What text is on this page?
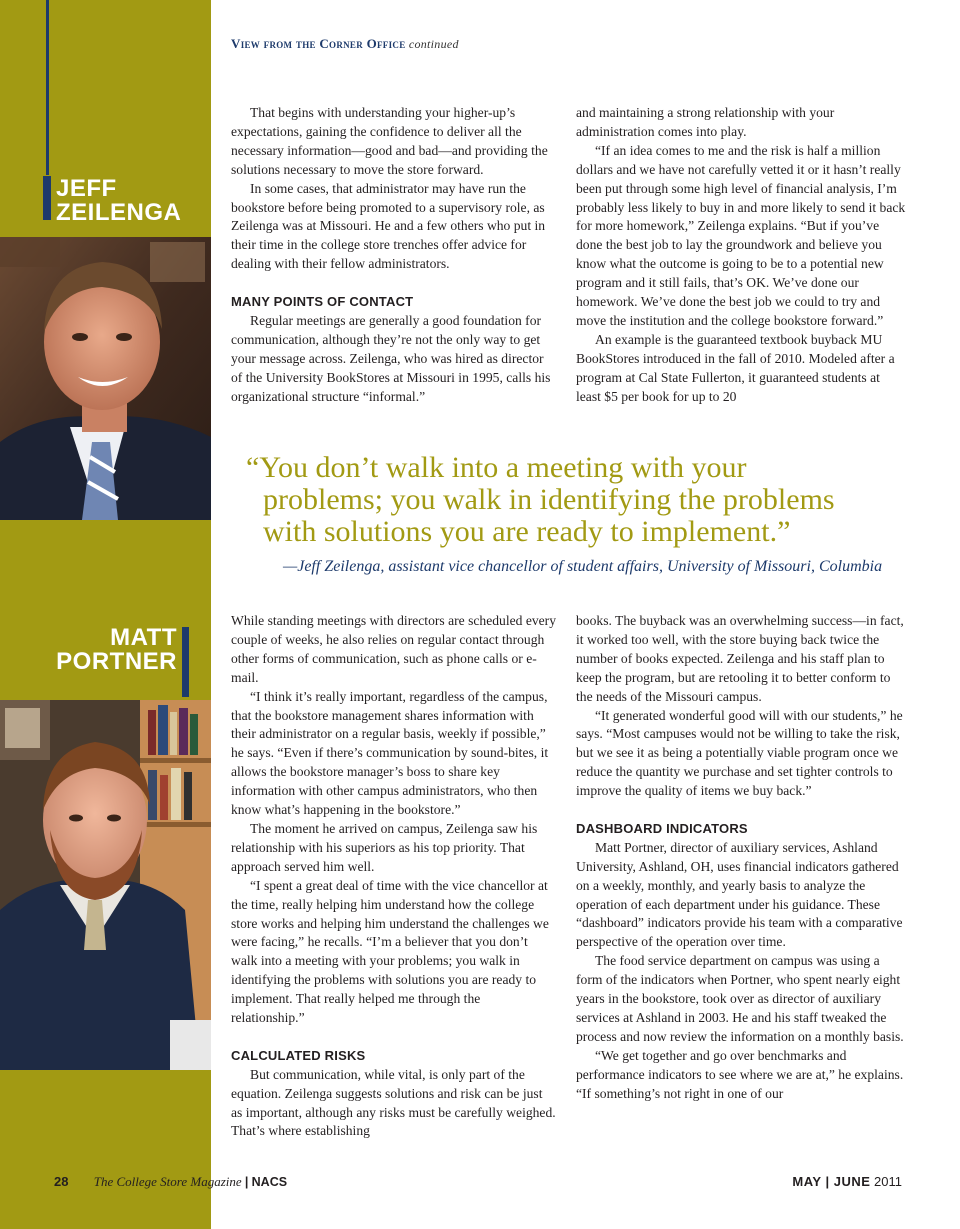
JEFF
ZEILENGA
MATT
PORTNER
View from the Corner Office continued

That begins with understanding your higher-up’s expectations, gaining the confidence to deliver all the necessary information—good and bad—and providing the solutions necessary to move the store forward.

In some cases, that administrator may have run the bookstore before being promoted to a supervisory role, as Zeilenga was at Missouri. He and a few others who put in their time in the college store trenches offer advice for dealing with their fellow administrators.

MANY POINTS OF CONTACT

Regular meetings are generally a good foundation for communication, although they’re not the only way to get your message across. Zeilenga, who was hired as director of the University BookStores at Missouri in 1995, calls his organizational structure “informal.”

and maintaining a strong relationship with your administration comes into play.

“If an idea comes to me and the risk is half a million dollars and we have not carefully vetted it or it hasn’t really been put through some high level of financial analysis, I’m probably less likely to buy in and more likely to send it back for more homework,” Zeilenga explains. “But if you’ve done the best job to lay the groundwork and believe you know what the outcome is going to be to a potential new program and it still fails, that’s OK. We’ve done our homework. We’ve done the best job we could to try and move the institution and the college bookstore forward.”

An example is the guaranteed textbook buyback MU BookStores introduced in the fall of 2010. Modeled after a program at Cal State Fullerton, it guaranteed students at least $5 per book for up to 20

“You don’t walk into a meeting with your
problems; you walk in identifying the problems
with solutions you are ready to implement.”
—Jeff Zeilenga, assistant vice chancellor of student affairs, University of Missouri, Columbia

While standing meetings with directors are scheduled every couple of weeks, he also relies on regular contact through other forms of communication, such as phone calls or e-mail.

“I think it’s really important, regardless of the campus, that the bookstore management shares information with their administrator on a regular basis, weekly if possible,” he says. “Even if there’s communication by sound-bites, it allows the bookstore manager’s boss to share key information with other campus administrators, who then know what’s happening in the bookstore.”

The moment he arrived on campus, Zeilenga saw his relationship with his superiors as his top priority. That approach served him well.

“I spent a great deal of time with the vice chancellor at the time, really helping him understand how the college store works and helping him understand the challenges we were facing,” he recalls. “I’m a believer that you don’t walk into a meeting with your problems; you walk in identifying the problems with solutions you are ready to implement. That really helped me through the relationship.”

CALCULATED RISKS

But communication, while vital, is only part of the equation. Zeilenga suggests solutions and risk can be just as important, although any risks must be carefully weighed. That’s where establishing

books. The buyback was an overwhelming success—in fact, it worked too well, with the store buying back twice the number of books expected. Zeilenga and his staff plan to keep the program, but are retooling it to better conform to the needs of the Missouri campus.

“It generated wonderful good will with our students,” he says. “Most campuses would not be willing to take the risk, but we see it as being a potentially viable program once we reduce the quantity we purchase and set tighter controls to improve the quality of items we buy back.”

DASHBOARD INDICATORS

Matt Portner, director of auxiliary services, Ashland University, Ashland, OH, uses financial indicators gathered on a weekly, monthly, and yearly basis to analyze the operation of each department under his guidance. These “dashboard” indicators provide his team with a comparative perspective of the operation over time.

The food service department on campus was using a form of the indicators when Portner, who spent nearly eight years in the bookstore, took over as director of auxiliary services at Ashland in 2003. He and his staff tweaked the process and now review the information on a monthly basis.

“We get together and go over benchmarks and performance indicators to see where we are at,” he explains. “If something’s not right in one of our

28 The College Store Magazine | NACS	MAY | JUNE 2011
